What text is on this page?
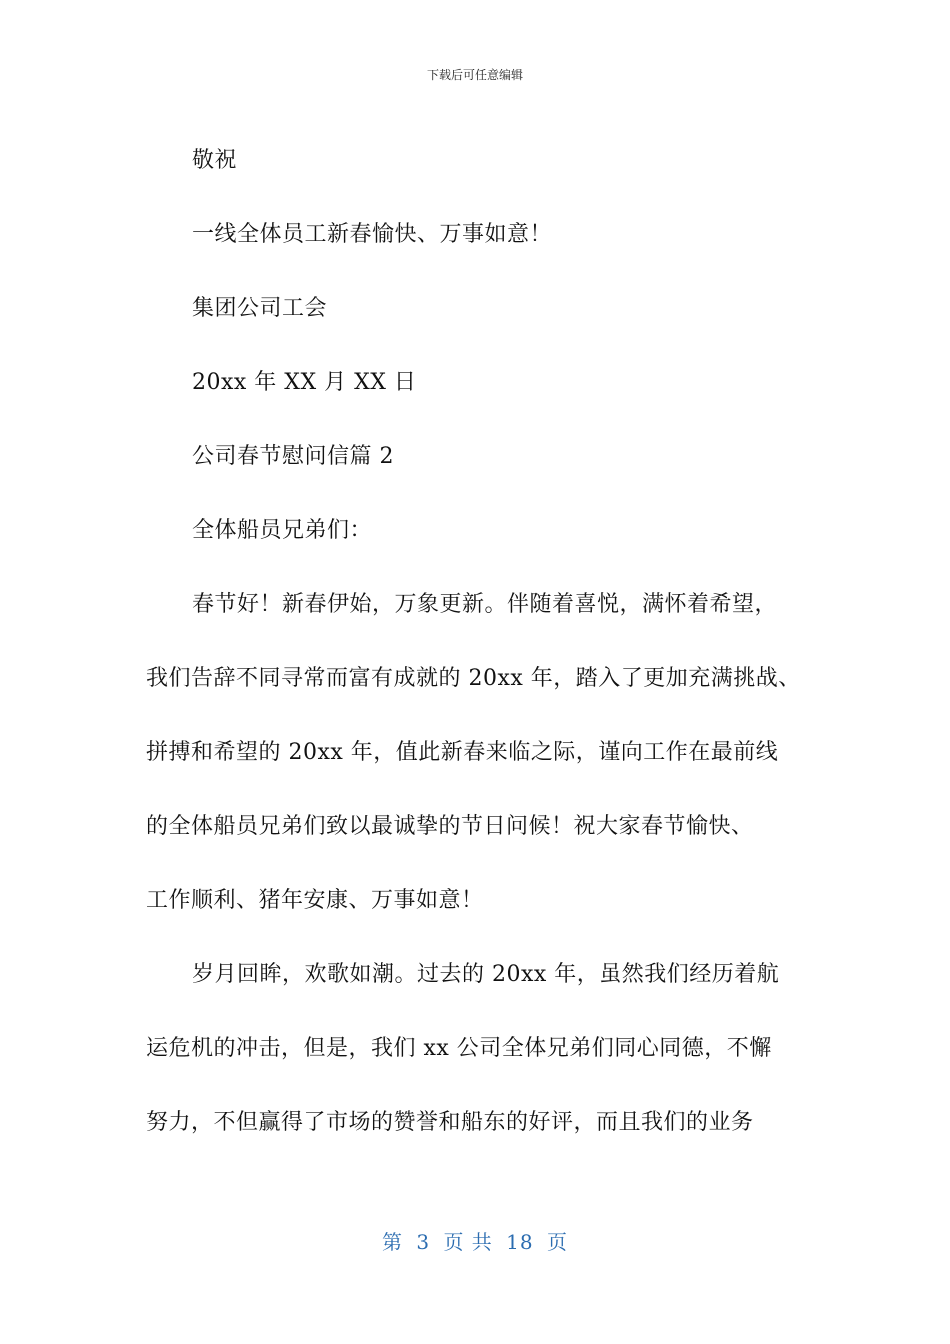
下载后可任意编辑
敬祝
一线全体员工新春愉快、万事如意！
集团公司工会
20xx 年 XX 月 XX 日
公司春节慰问信篇 2
全体船员兄弟们：
春节好！新春伊始，万象更新。伴随着喜悦，满怀着希望，
我们告辞不同寻常而富有成就的 20xx 年，踏入了更加充满挑战、
拼搏和希望的 20xx 年，值此新春来临之际，谨向工作在最前线
的全体船员兄弟们致以最诚挚的节日问候！祝大家春节愉快、
工作顺利、猪年安康、万事如意！
岁月回眸，欢歌如潮。过去的 20xx 年，虽然我们经历着航
运危机的冲击，但是，我们 xx 公司全体兄弟们同心同德，不懈
努力，不但赢得了市场的赞誉和船东的好评，而且我们的业务
第 3 页 共 18 页
